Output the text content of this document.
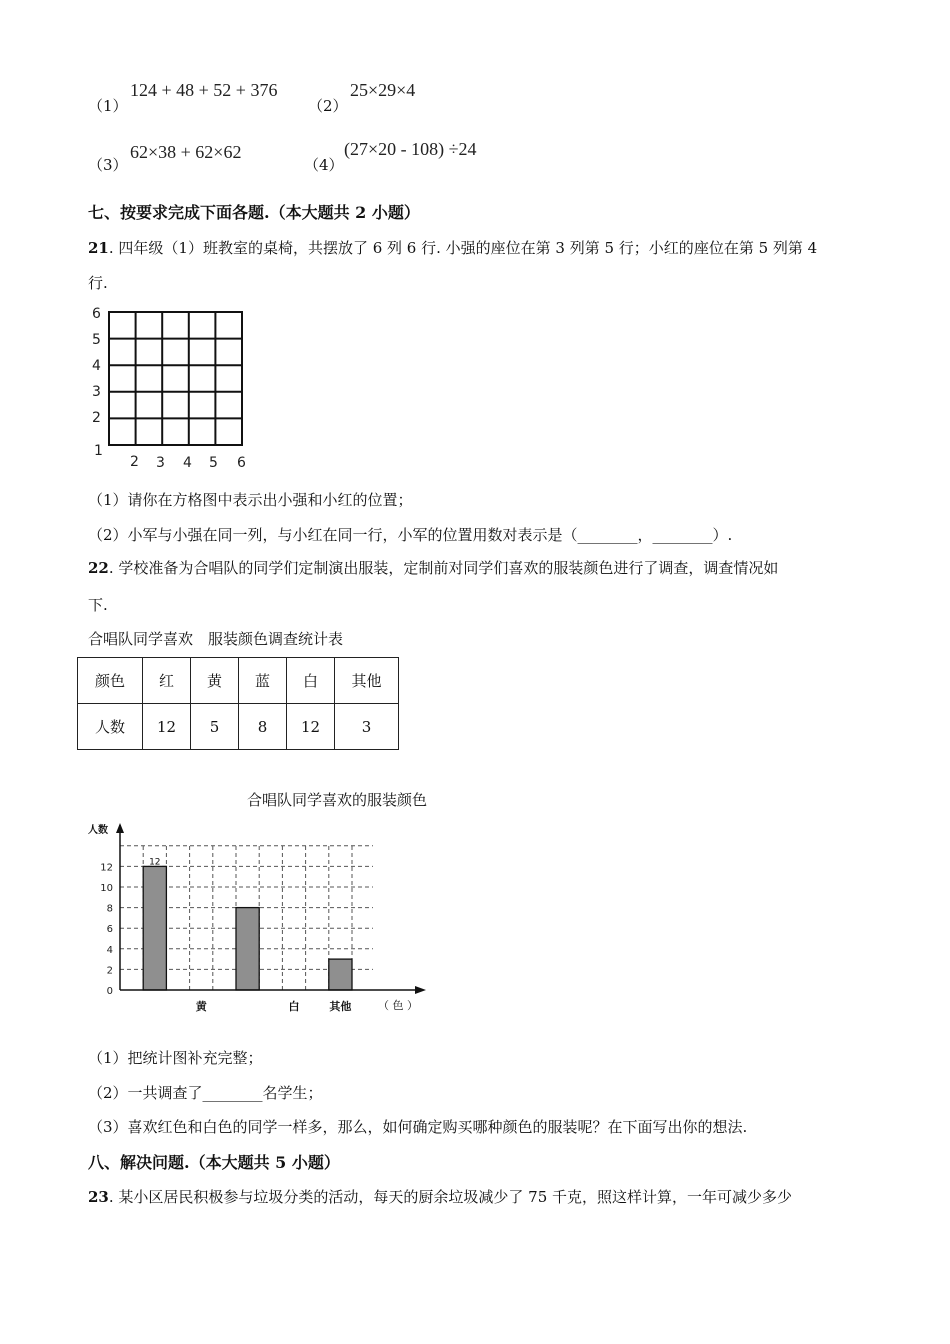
（1）
124 + 48 + 52 + 376
（2）
25×29×4
（3）
62×38 + 62×62
（4）
(27×20 - 108) ÷24
七、按要求完成下面各题.（本大题共 2 小题）
21. 四年级（1）班教室的桌椅，共摆放了 6 列 6 行. 小强的座位在第 3 列第 5 行；小红的座位在第 5 列第 4
行.
6
5
4
3
2
1
2 3 4 5 6
（1）请你在方格图中表示出小强和小红的位置；
（2）小军与小强在同一列，与小红在同一行，小军的位置用数对表示是（________，________）.
22. 学校准备为合唱队的同学们定制演出服装，定制前对同学们喜欢的服装颜色进行了调查，调查情况如
下.
合唱队同学喜欢　服装颜色调查统计表
颜色	红	黄	蓝	白	其他
人数	12	5	8	12	3
合唱队同学喜欢的服装颜色
人数
（ 色 ）
12
0
2
4
6
8
10
12
黄	白	其他
（1）把统计图补充完整；
（2）一共调查了________名学生；
（3）喜欢红色和白色的同学一样多，那么，如何确定购买哪种颜色的服装呢？在下面写出你的想法.
八、解决问题.（本大题共 5 小题）
23. 某小区居民积极参与垃圾分类的活动，每天的厨余垃圾减少了 75 千克，照这样计算，一年可减少多少
